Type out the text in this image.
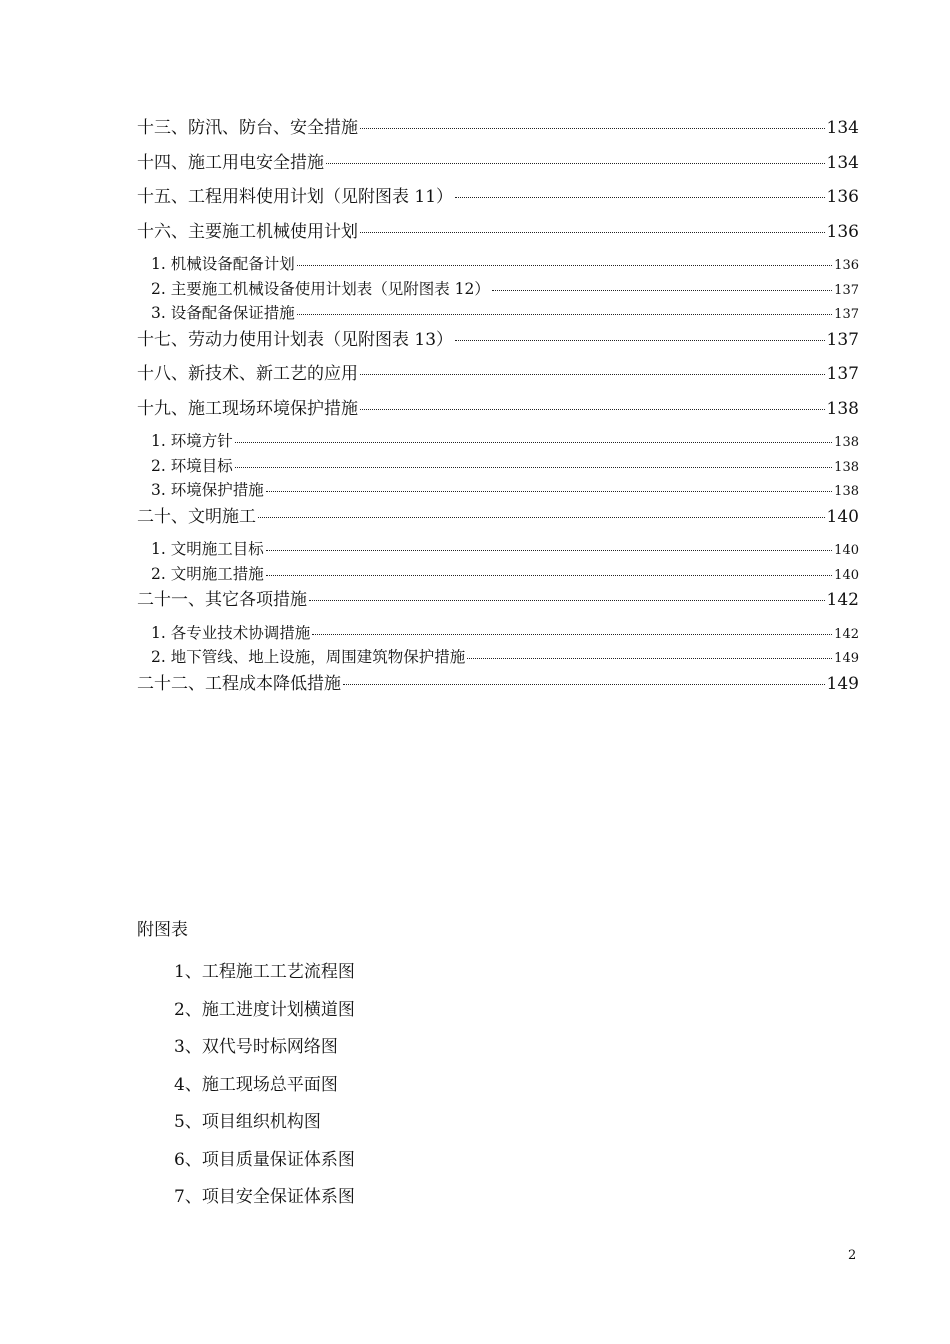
十三、防汛、防台、安全措施	134
十四、施工用电安全措施	134
十五、工程用料使用计划（见附图表 11）	136
十六、主要施工机械使用计划	136
1. 机械设备配备计划	136
2. 主要施工机械设备使用计划表（见附图表 12）	137
3. 设备配备保证措施	137
十七、劳动力使用计划表（见附图表 13）	137
十八、新技术、新工艺的应用	137
十九、施工现场环境保护措施	138
1. 环境方针	138
2. 环境目标	138
3. 环境保护措施	138
二十、文明施工	140
1. 文明施工目标	140
2. 文明施工措施	140
二十一、其它各项措施	142
1. 各专业技术协调措施	142
2. 地下管线、地上设施，周围建筑物保护措施	149
二十二、工程成本降低措施	149
附图表
1、工程施工工艺流程图
2、施工进度计划横道图
3、双代号时标网络图
4、施工现场总平面图
5、项目组织机构图
6、项目质量保证体系图
7、项目安全保证体系图
2
